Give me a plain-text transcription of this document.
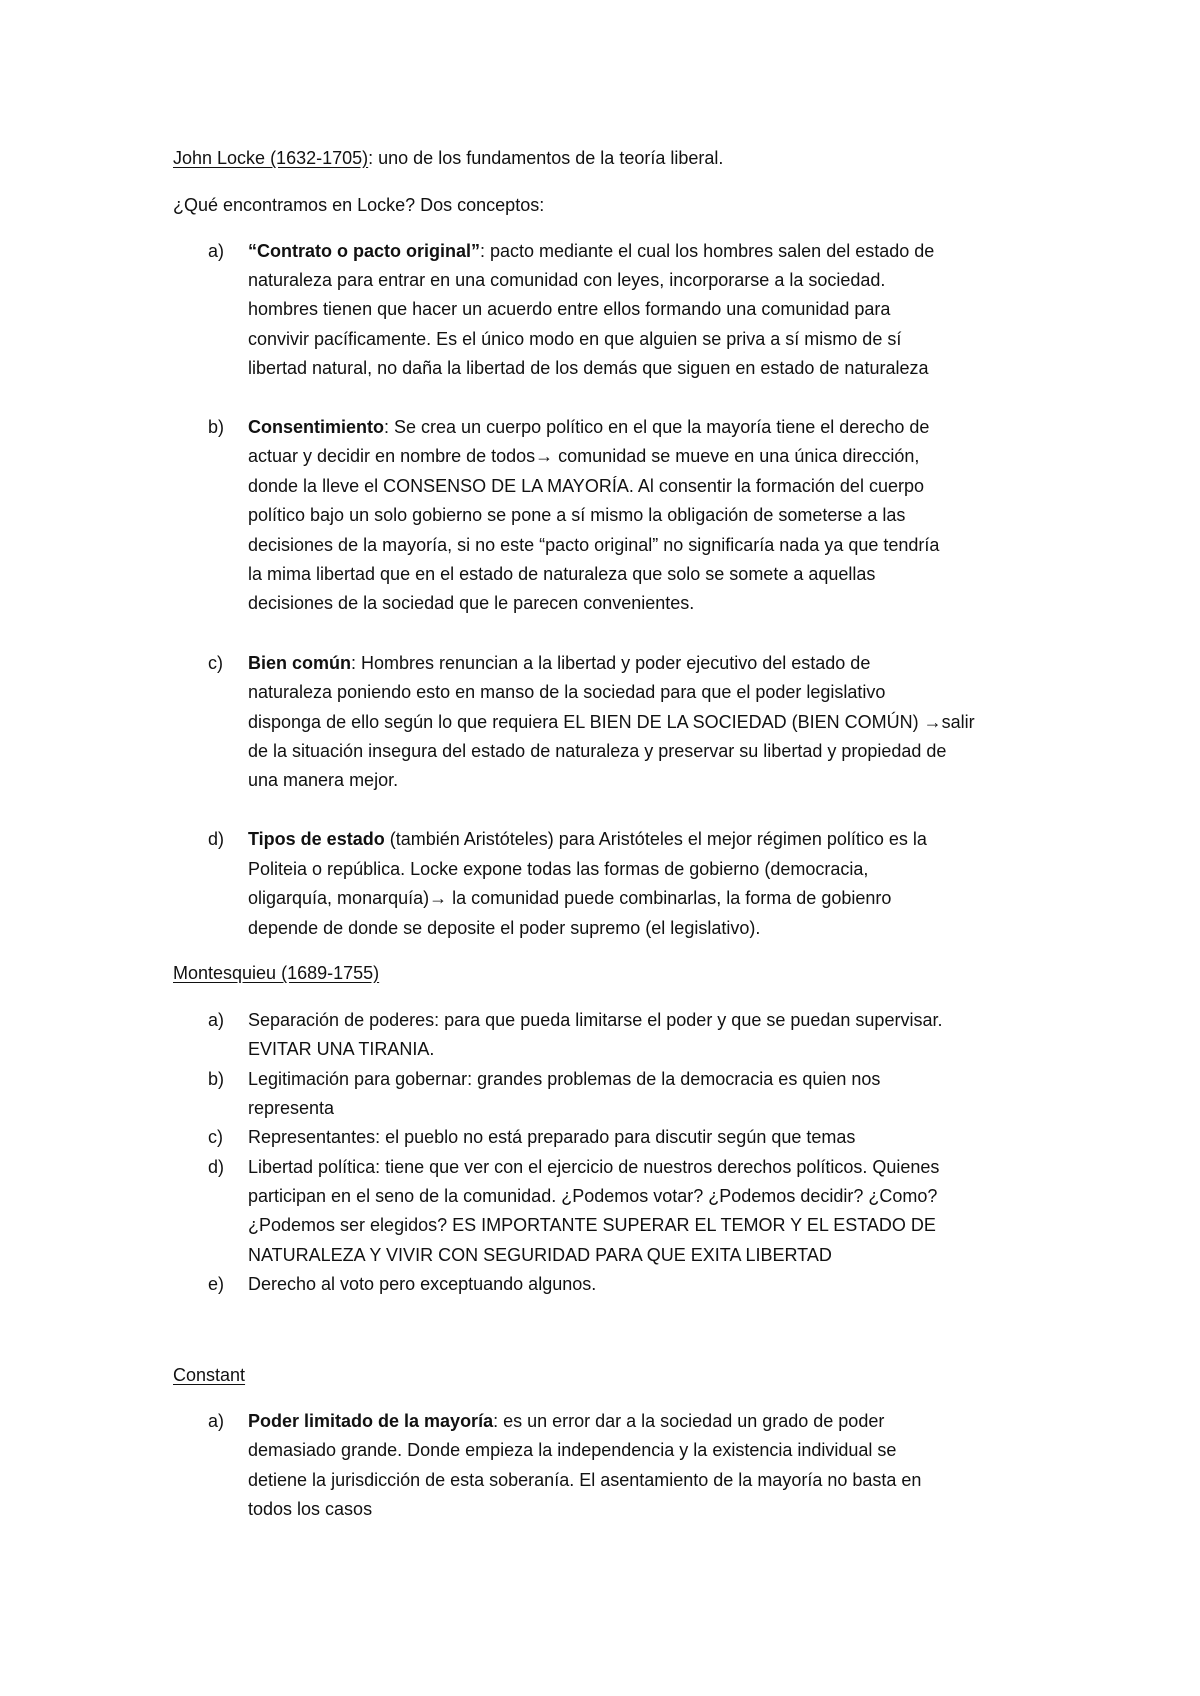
John Locke (1632-1705): uno de los fundamentos de la teoría liberal.
¿Qué encontramos en Locke? Dos conceptos:
a) “Contrato o pacto original”: pacto mediante el cual los hombres salen del estado de
naturaleza para entrar en una comunidad con leyes, incorporarse a la sociedad.
hombres tienen que hacer un acuerdo entre ellos formando una comunidad para
convivir pacíficamente. Es el único modo en que alguien se priva a sí mismo de sí
libertad natural, no daña la libertad de los demás que siguen en estado de naturaleza
b) Consentimiento: Se crea un cuerpo político en el que la mayoría tiene el derecho de
actuar y decidir en nombre de todos→ comunidad se mueve en una única dirección,
donde la lleve el CONSENSO DE LA MAYORÍA. Al consentir la formación del cuerpo
político bajo un solo gobierno se pone a sí mismo la obligación de someterse a las
decisiones de la mayoría, si no este “pacto original” no significaría nada ya que tendría
la mima libertad que en el estado de naturaleza que solo se somete a aquellas
decisiones de la sociedad que le parecen convenientes.
c) Bien común: Hombres renuncian a la libertad y poder ejecutivo del estado de
naturaleza poniendo esto en manso de la sociedad para que el poder legislativo
disponga de ello según lo que requiera EL BIEN DE LA SOCIEDAD (BIEN COMÚN) →salir
de la situación insegura del estado de naturaleza y preservar su libertad y propiedad de
una manera mejor.
d) Tipos de estado (también Aristóteles) para Aristóteles el mejor régimen político es la
Politeia o república. Locke expone todas las formas de gobierno (democracia,
oligarquía, monarquía)→ la comunidad puede combinarlas, la forma de gobienro
depende de donde se deposite el poder supremo (el legislativo).
Montesquieu (1689-1755)
a) Separación de poderes: para que pueda limitarse el poder y que se puedan supervisar.
EVITAR UNA TIRANIA.
b) Legitimación para gobernar: grandes problemas de la democracia es quien nos
representa
c) Representantes: el pueblo no está preparado para discutir según que temas
d) Libertad política: tiene que ver con el ejercicio de nuestros derechos políticos. Quienes
participan en el seno de la comunidad. ¿Podemos votar? ¿Podemos decidir? ¿Como?
¿Podemos ser elegidos? ES IMPORTANTE SUPERAR EL TEMOR Y EL ESTADO DE
NATURALEZA Y VIVIR CON SEGURIDAD PARA QUE EXITA LIBERTAD
e) Derecho al voto pero exceptuando algunos.
Constant
a) Poder limitado de la mayoría: es un error dar a la sociedad un grado de poder
demasiado grande. Donde empieza la independencia y la existencia individual se
detiene la jurisdicción de esta soberanía. El asentamiento de la mayoría no basta en
todos los casos
